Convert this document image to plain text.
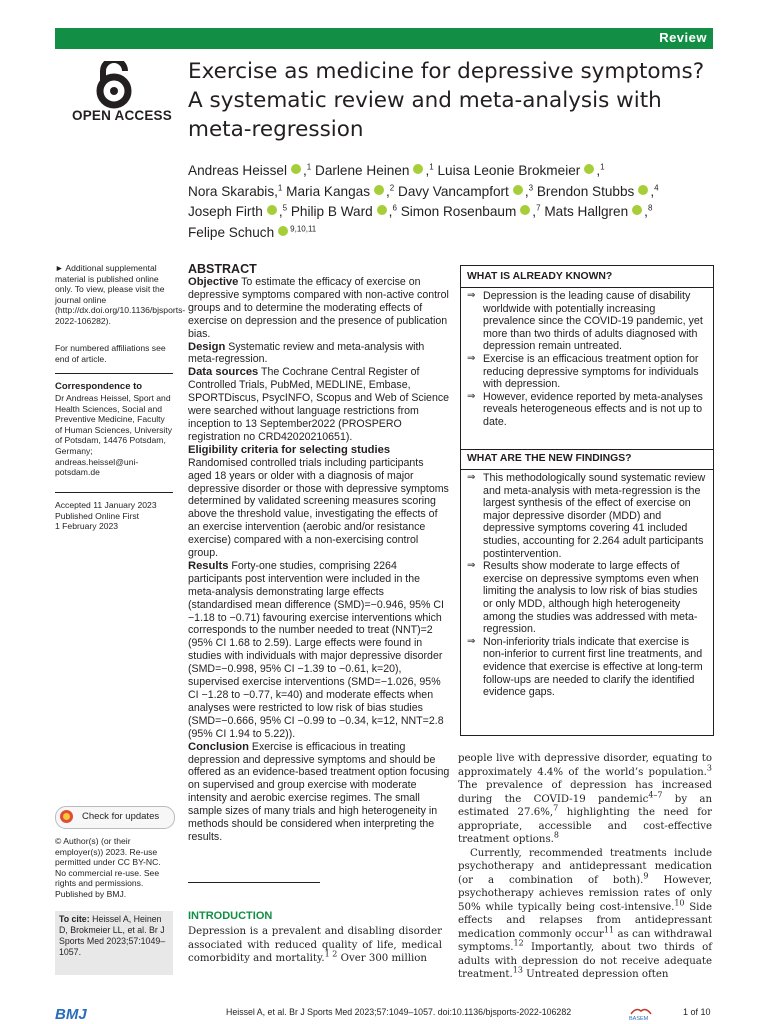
Review
OPEN ACCESS
Exercise as medicine for depressive symptoms? A systematic review and meta-analysis with meta-regression
Andreas Heissel ,$^1$ Darlene Heinen ,$^1$ Luisa Leonie Brokmeier ,$^1$
Nora Skarabis,$^1$ Maria Kangas ,$^2$ Davy Vancampfort ,$^3$ Brendon Stubbs ,$^4$
Joseph Firth ,$^5$ Philip B Ward ,$^6$ Simon Rosenbaum ,$^7$ Mats Hallgren ,$^8$
Felipe Schuch $^{9,10,11}$
► Additional supplemental material is published online only. To view, please visit the journal online (http://dx.doi.org/10.1136/bjsports-2022-106282).
For numbered affiliations see end of article.
Correspondence to
Dr Andreas Heissel, Sport and Health Sciences, Social and Preventive Medicine, Faculty of Human Sciences, University of Potsdam, 14476 Potsdam, Germany; andreas.heissel@uni-potsdam.de
Accepted 11 January 2023
Published Online First
1 February 2023
Check for updates
© Author(s) (or their employer(s)) 2023. Re-use permitted under CC BY-NC. No commercial re-use. See rights and permissions. Published by BMJ.
To cite: Heissel A, Heinen D, Brokmeier LL, et al. Br J Sports Med 2023;57:1049–1057.
ABSTRACT
Objective To estimate the efficacy of exercise on depressive symptoms compared with non-active control groups and to determine the moderating effects of exercise on depression and the presence of publication bias.
Design Systematic review and meta-analysis with meta-regression.
Data sources The Cochrane Central Register of Controlled Trials, PubMed, MEDLINE, Embase, SPORTDiscus, PsycINFO, Scopus and Web of Science were searched without language restrictions from inception to 13 September2022 (PROSPERO registration no CRD42020210651).
Eligibility criteria for selecting studies Randomised controlled trials including participants aged 18 years or older with a diagnosis of major depressive disorder or those with depressive symptoms determined by validated screening measures scoring above the threshold value, investigating the effects of an exercise intervention (aerobic and/or resistance exercise) compared with a non-exercising control group.
Results Forty-one studies, comprising 2264 participants post intervention were included in the meta-analysis demonstrating large effects (standardised mean difference (SMD)=−0.946, 95% CI −1.18 to −0.71) favouring exercise interventions which corresponds to the number needed to treat (NNT)=2 (95% CI 1.68 to 2.59). Large effects were found in studies with individuals with major depressive disorder (SMD=−0.998, 95% CI −1.39 to −0.61, k=20), supervised exercise interventions (SMD=−1.026, 95% CI −1.28 to −0.77, k=40) and moderate effects when analyses were restricted to low risk of bias studies (SMD=−0.666, 95% CI −0.99 to −0.34, k=12, NNT=2.8 (95% CI 1.94 to 5.22)).
Conclusion Exercise is efficacious in treating depression and depressive symptoms and should be offered as an evidence-based treatment option focusing on supervised and group exercise with moderate intensity and aerobic exercise regimes. The small sample sizes of many trials and high heterogeneity in methods should be considered when interpreting the results.
WHAT IS ALREADY KNOWN?
⇒ Depression is the leading cause of disability worldwide with potentially increasing prevalence since the COVID-19 pandemic, yet more than two thirds of adults diagnosed with depression remain untreated.
⇒ Exercise is an efficacious treatment option for reducing depressive symptoms for individuals with depression.
⇒ However, evidence reported by meta-analyses reveals heterogeneous effects and is not up to date.
WHAT ARE THE NEW FINDINGS?
⇒ This methodologically sound systematic review and meta-analysis with meta-regression is the largest synthesis of the effect of exercise on major depressive disorder (MDD) and depressive symptoms covering 41 included studies, accounting for 2.264 adult participants postintervention.
⇒ Results show moderate to large effects of exercise on depressive symptoms even when limiting the analysis to low risk of bias studies or only MDD, although high heterogeneity among the studies was addressed with meta-regression.
⇒ Non-inferiority trials indicate that exercise is non-inferior to current first line treatments, and evidence that exercise is effective at long-term follow-ups are needed to clarify the identified evidence gaps.
INTRODUCTION
Depression is a prevalent and disabling disorder associated with reduced quality of life, medical comorbidity and mortality.$^{1 2}$ Over 300 million
people live with depressive disorder, equating to approximately 4.4% of the world’s population.$^3$ The prevalence of depression has increased during the COVID-19 pandemic$^{4-7}$ by an estimated 27.6%,$^7$ highlighting the need for appropriate, accessible and cost-effective treatment options.$^8$
Currently, recommended treatments include psychotherapy and antidepressant medication (or a combination of both).$^9$ However, psychotherapy achieves remission rates of only 50% while typically being cost-intensive.$^{10}$ Side effects and relapses from antidepressant medication commonly occur$^{11}$ as can withdrawal symptoms.$^{12}$ Importantly, about two thirds of adults with depression do not receive adequate treatment.$^{13}$ Untreated depression often
BMJ	Heissel A, et al. Br J Sports Med 2023;57:1049–1057. doi:10.1136/bjsports-2022-106282
BASEM
1 of 10
